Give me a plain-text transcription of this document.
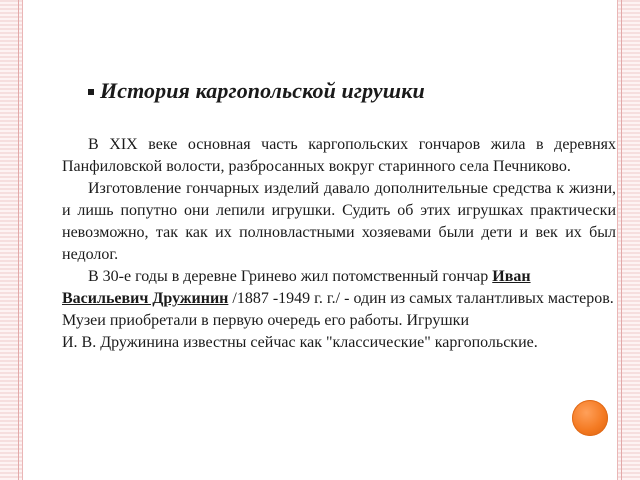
История каргопольской игрушки

В XIX веке основная часть каргопольских гончаров жила в деревнях Панфиловской волости, разбросанных вокруг старинного села Печниково.

Изготовление гончарных изделий давало дополнительные средства к жизни, и лишь попутно они лепили игрушки. Судить об этих игрушках практически невозможно, так как их полновластными хозяевами были дети и век их был недолог.

В 30-е годы в деревне Гринево жил потомственный гончар Иван Васильевич Дружинин /1887 -1949 г. г./ - один из самых талантливых мастеров. Музеи приобретали в первую очередь его работы. Игрушки

И. В. Дружинина известны сейчас как "классические" каргопольские.
